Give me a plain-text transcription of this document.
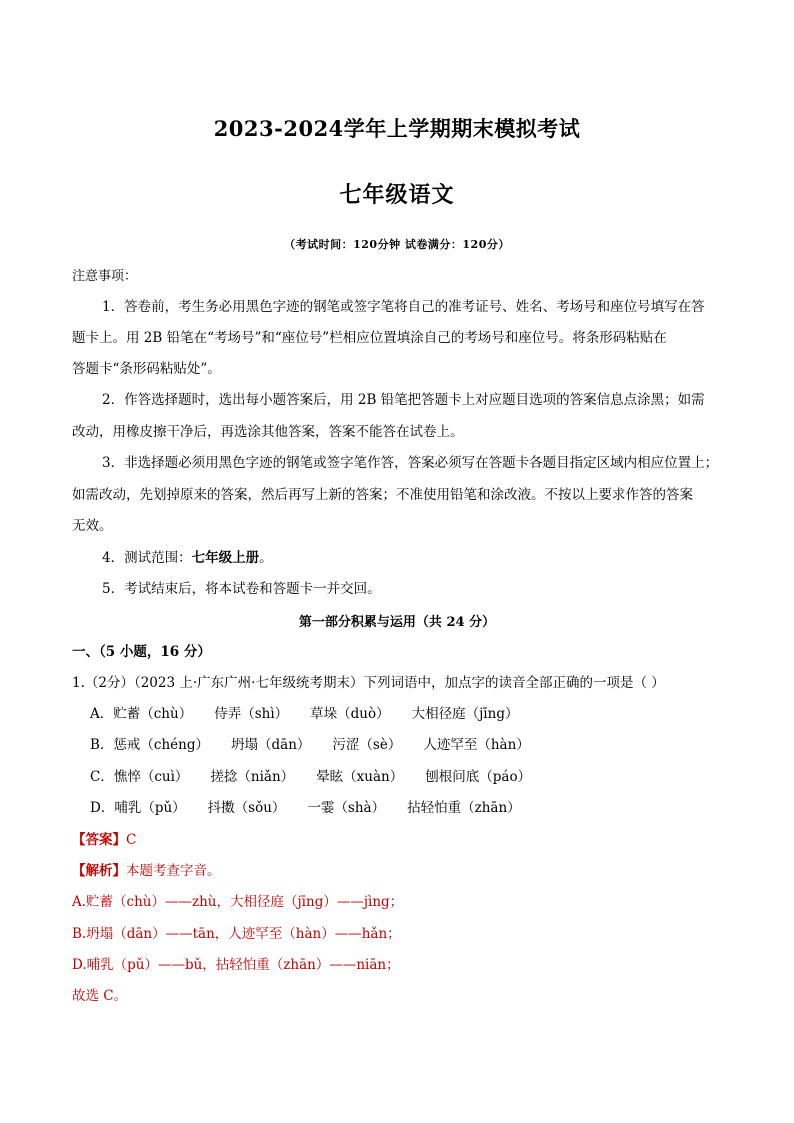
2023-2024学年上学期期末模拟考试
七年级语文
（考试时间：120分钟 试卷满分：120分）
注意事项：
1．答卷前，考生务必用黑色字迹的钢笔或签字笔将自己的准考证号、姓名、考场号和座位号填写在答
题卡上。用 2B 铅笔在“考场号”和“座位号”栏相应位置填涂自己的考场号和座位号。将条形码粘贴在
答题卡“条形码粘贴处”。
2．作答选择题时，选出每小题答案后，用 2B 铅笔把答题卡上对应题目选项的答案信息点涂黑；如需
改动，用橡皮擦干净后，再选涂其他答案，答案不能答在试卷上。
3．非选择题必须用黑色字迹的钢笔或签字笔作答，答案必须写在答题卡各题目指定区域内相应位置上；
如需改动，先划掉原来的答案，然后再写上新的答案；不准使用铅笔和涂改液。不按以上要求作答的答案
无效。
4．测试范围：七年级上册。
5．考试结束后，将本试卷和答题卡一并交回。
第一部分积累与运用（共 24 分）
一、（5 小题，16 分）
1.（2分）（2023 上·广东广州·七年级统考期末）下列词语中，加点字的读音全部正确的一项是（ ）
A．贮蓄（chù） 侍弄（shì） 草垛（duò） 大相径庭（jīng）
B．惩戒（chéng） 坍塌（dān） 污涩（sè） 人迹罕至（hàn）
C．憔悴（cuì） 搓捻（niǎn） 晕眩（xuàn） 刨根问底（páo）
D．哺乳（pǔ） 抖擞（sǒu） 一霎（shà） 拈轻怕重（zhān）
【答案】C
【解析】本题考查字音。
A.贮蓄（chù）——zhù，大相径庭（jīng）——jìng；
B.坍塌（dān）——tān，人迹罕至（hàn）——hǎn；
D.哺乳（pǔ）——bǔ，拈轻怕重（zhān）——niān；
故选 C。
